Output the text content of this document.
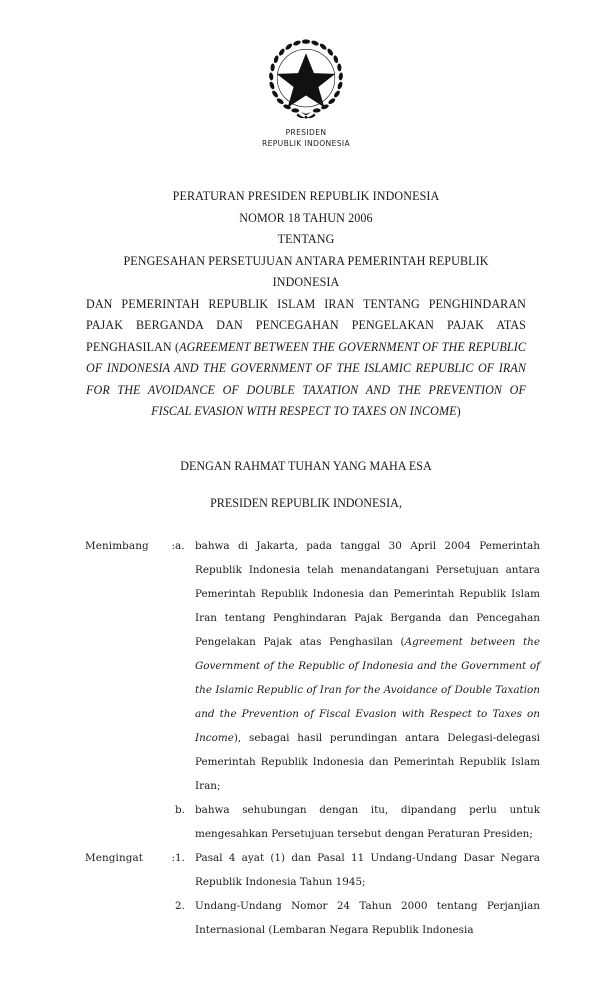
PRESIDEN
REPUBLIK INDONESIA
PERATURAN PRESIDEN REPUBLIK INDONESIA
NOMOR 18 TAHUN 2006
TENTANG
PENGESAHAN PERSETUJUAN ANTARA PEMERINTAH REPUBLIK
INDONESIA
DAN PEMERINTAH REPUBLIK ISLAM IRAN TENTANG PENGHINDARAN PAJAK BERGANDA DAN PENCEGAHAN PENGELAKAN PAJAK ATAS PENGHASILAN (AGREEMENT BETWEEN THE GOVERNMENT OF THE REPUBLIC OF INDONESIA AND THE GOVERNMENT OF THE ISLAMIC REPUBLIC OF IRAN FOR THE AVOIDANCE OF DOUBLE TAXATION AND THE PREVENTION OF FISCAL EVASION WITH RESPECT TO TAXES ON INCOME)
DENGAN RAHMAT TUHAN YANG MAHA ESA
PRESIDEN REPUBLIK INDONESIA,
Menimbang : a.	bahwa di Jakarta, pada tanggal 30 April 2004 Pemerintah Republik Indonesia telah menandatangani Persetujuan antara Pemerintah Republik Indonesia dan Pemerintah Republik Islam Iran tentang Penghindaran Pajak Berganda dan Pencegahan Pengelakan Pajak atas Penghasilan (Agreement between the Government of the Republic of Indonesia and the Government of the Islamic Republic of Iran for the Avoidance of Double Taxation and the Prevention of Fiscal Evasion with Respect to Taxes on Income), sebagai hasil perundingan antara Delegasi-delegasi Pemerintah Republik Indonesia dan Pemerintah Republik Islam Iran;
b. bahwa sehubungan dengan itu, dipandang perlu untuk mengesahkan Persetujuan tersebut dengan Peraturan Presiden;
Mengingat	: 1. Pasal 4 ayat (1) dan Pasal 11 Undang-Undang Dasar Negara Republik Indonesia Tahun 1945;
2. Undang-Undang Nomor 24 Tahun 2000 tentang Perjanjian Internasional (Lembaran Negara Republik Indonesia
